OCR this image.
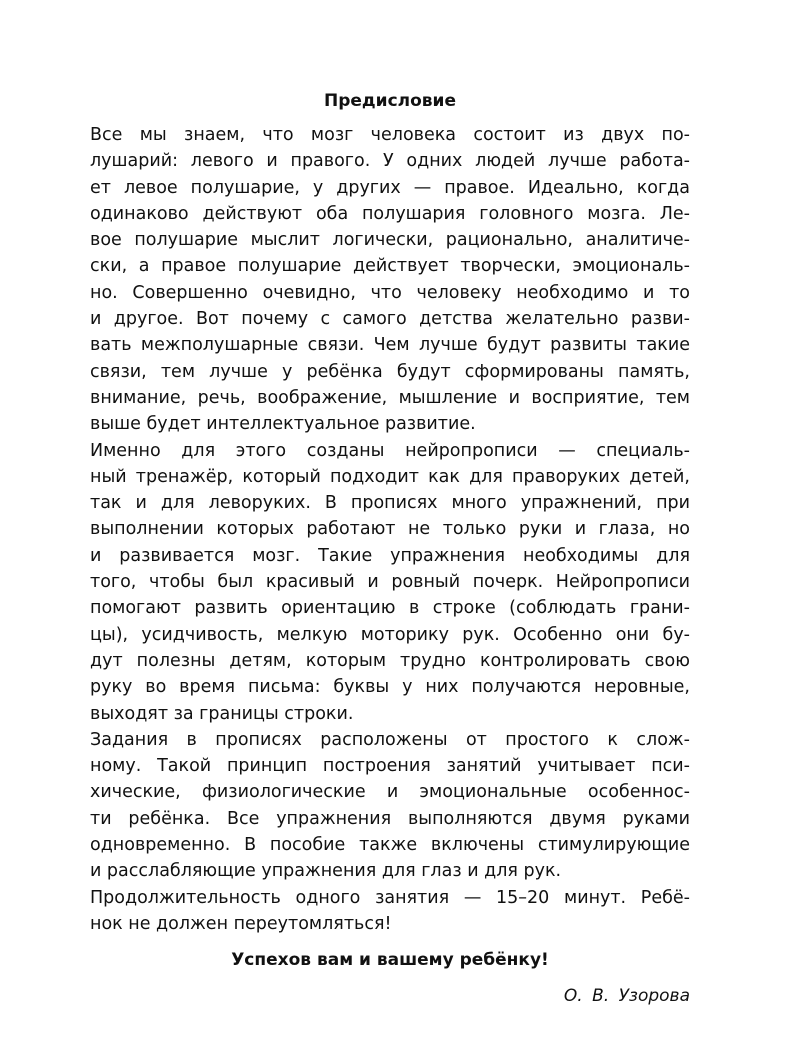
Предисловие
Все мы знаем, что мозг человека состоит из двух по-
лушарий: левого и правого. У одних людей лучше работа-
ет левое полушарие, у других — правое. Идеально, когда
одинаково действуют оба полушария головного мозга. Ле-
вое полушарие мыслит логически, рационально, аналитиче-
ски, а правое полушарие действует творчески, эмоциональ-
но. Совершенно очевидно, что человеку необходимо и то
и другое. Вот почему с самого детства желательно разви-
вать межполушарные связи. Чем лучше будут развиты такие
связи, тем лучше у ребёнка будут сформированы память,
внимание, речь, воображение, мышление и восприятие, тем
выше будет интеллектуальное развитие.
Именно для этого созданы нейропрописи — специаль-
ный тренажёр, который подходит как для праворуких детей,
так и для леворуких. В прописях много упражнений, при
выполнении которых работают не только руки и глаза, но
и развивается мозг. Такие упражнения необходимы для
того, чтобы был красивый и ровный почерк. Нейропрописи
помогают развить ориентацию в строке (соблюдать грани-
цы), усидчивость, мелкую моторику рук. Особенно они бу-
дут полезны детям, которым трудно контролировать свою
руку во время письма: буквы у них получаются неровные,
выходят за границы строки.
Задания в прописях расположены от простого к слож-
ному. Такой принцип построения занятий учитывает пси-
хические, физиологические и эмоциональные особеннос-
ти ребёнка. Все упражнения выполняются двумя руками
одновременно. В пособие также включены стимулирующие
и расслабляющие упражнения для глаз и для рук.
Продолжительность одного занятия — 15–20 минут. Ребё-
нок не должен переутомляться!
Успехов вам и вашему ребёнку!
О. В. Узорова
